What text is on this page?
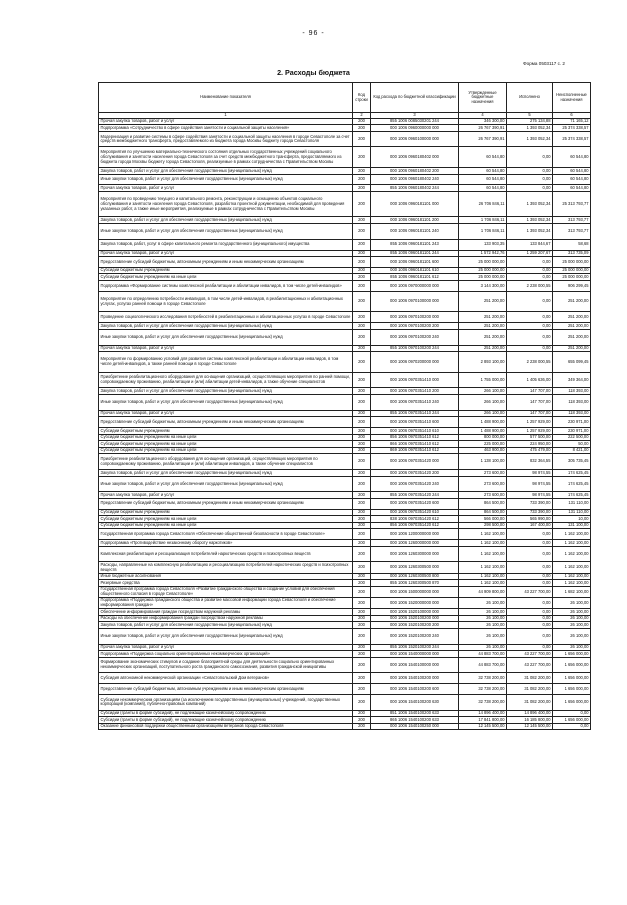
- 96 -
Форма 0503117 с. 2
2. Расходы бюджета
Наименование показателя	Код строки	Код расхода по бюджетной классификации	Утвержденные бюджетные назначения	Исполнено	Неисполненные назначения
1	2	3	4	5	6
Прочая закупка товаров, работ и услуг	200	855 1006 0085030201 244	346 300,00	275 134,88	71 165,12
Подпрограмма «Сотрудничество в сфере содействия занятости и социальной защиты населения»	200	000 1006 0960000000 000	26 767 390,91	1 393 052,34	25 374 338,57
Модернизация и развитие системы в сфере содействия занятости и социальной защиты населения в городе Севастополе за счет средств межбюджетного трансферта, предоставляемого из бюджета города Москвы бюджету города Севастополя	200	000 1006 0960100000 000	26 767 390,91	1 393 052,34	25 374 338,57
Мероприятия по улучшению материально-технического состояния отдельных государственных учреждений социального обслуживания и занятости населения города Севастополя за счет средств межбюджетного трансферта, предоставляемого из бюджета города Москвы бюджету города Севастополя, реализуемые в рамках сотрудничества с Правительством Москвы	200	000 1006 0960180402 000	60 544,80	0,00	60 544,80
Закупка товаров, работ и услуг для обеспечения государственных (муниципальных) нужд	200	000 1006 0960180402 200	60 544,80	0,00	60 544,80
Иные закупки товаров, работ и услуг для обеспечения государственных (муниципальных) нужд	200	000 1006 0960180402 240	60 544,80	0,00	60 544,80
Прочая закупка товаров, работ и услуг	200	855 1006 0960180402 244	60 544,80	0,00	60 544,80
Мероприятия по проведению текущего и капитального ремонта, реконструкции и оснащению объектов социального обслуживания и занятости населения города Севастополя, разработка проектной документации, необходимой для проведения указанных работ, а также иные мероприятия, реализуемые в рамках сотрудничества с Правительством Москвы	200	000 1006 0960181101 000	26 706 846,11	1 393 052,34	25 313 793,77
Закупка товаров, работ и услуг для обеспечения государственных (муниципальных) нужд	200	000 1006 0960181101 200	1 706 846,11	1 393 052,34	313 793,77
Иные закупки товаров, работ и услуг для обеспечения государственных (муниципальных) нужд	200	000 1006 0960181101 240	1 706 846,11	1 393 052,34	313 793,77
Закупка товаров, работ, услуг в сфере капитального ремонта государственного (муниципального) имущества	200	855 1006 0960181101 243	133 903,35	133 844,67	58,68
Прочая закупка товаров, работ и услуг	200	855 1006 0960181101 244	1 572 942,76	1 259 207,67	313 735,09
Предоставление субсидий бюджетным, автономным учреждениям и иным некоммерческим организациям	200	000 1006 0960181101 600	25 000 000,00	0,00	25 000 000,00
Субсидии бюджетным учреждениям	200	000 1006 0960181101 610	25 000 000,00	0,00	25 000 000,00
Субсидии бюджетным учреждениям на иные цели	200	855 1006 0960181101 612	25 000 000,00	0,00	25 000 000,00
Подпрограмма «Формирование системы комплексной реабилитации и абилитации инвалидов, в том числе детей-инвалидов»	200	000 1006 0970000000 000	3 144 300,00	2 238 000,55	906 299,45
Мероприятие по определению потребности инвалидов, в том числе детей-инвалидов, в реабилитационных и абилитационных услугах, услугах ранней помощи в городе Севастополе	200	000 1006 0970100000 000	251 200,00	0,00	251 200,00
Проведение социологического исследования потребностей в реабилитационных и абилитационных услугах в городе Севастополе	200	000 1006 0970100200 000	251 200,00	0,00	251 200,00
Закупка товаров, работ и услуг для обеспечения государственных (муниципальных) нужд	200	000 1006 0970100200 200	251 200,00	0,00	251 200,00
Иные закупки товаров, работ и услуг для обеспечения государственных (муниципальных) нужд	200	000 1006 0970100200 240	251 200,00	0,00	251 200,00
Прочая закупка товаров, работ и услуг	200	855 1006 0970100200 244	251 200,00	0,00	251 200,00
Мероприятие по формированию условий для развития системы комплексной реабилитации и абилитации инвалидов, в том числе детей-инвалидов, а также ранней помощи в городе Севастополе	200	000 1006 0970200000 000	2 893 100,00	2 238 000,55	655 099,45
Приобретение реабилитационного оборудования для оснащения организаций, осуществляющих мероприятия по ранней помощи, сопровождаемому проживанию, реабилитации и (или) абилитации детей-инвалидов, а также обучение специалистов	200	000 1006 0970351410 000	1 755 000,00	1 405 636,00	349 364,00
Закупка товаров, работ и услуг для обеспечения государственных (муниципальных) нужд	200	000 1006 0970351410 200	266 100,00	147 707,00	118 393,00
Иные закупки товаров, работ и услуг для обеспечения государственных (муниципальных) нужд	200	000 1006 0970351410 240	266 100,00	147 707,00	118 393,00
Прочая закупка товаров, работ и услуг	200	855 1006 0970351410 244	266 100,00	147 707,00	118 393,00
Предоставление субсидий бюджетным, автономным учреждениям и иным некоммерческим организациям	200	000 1006 0970351410 600	1 488 900,00	1 257 929,00	230 971,00
Субсидии бюджетным учреждениям	200	000 1006 0970351410 610	1 488 900,00	1 257 929,00	230 971,00
Субсидии бюджетным учреждениям на иные цели	200	856 1006 0970351410 612	800 000,00	577 500,00	222 500,00
Субсидии бюджетным учреждениям на иные цели	200	866 1006 0970351410 612	225 000,00	224 950,00	50,00
Субсидии бюджетным учреждениям на иные цели	200	869 1006 0970351410 612	463 900,00	475 479,00	8 421,00
Приобретение реабилитационного оборудования для оснащения организаций, осуществляющих мероприятия по сопровождаемому проживанию, реабилитации и (или) абилитации инвалидов, а также обучение специалистов	200	000 1006 0970351420 000	1 138 100,00	832 364,55	305 735,45
Закупка товаров, работ и услуг для обеспечения государственных (муниципальных) нужд	200	000 1006 0970351420 200	273 600,00	98 974,55	174 625,45
Иные закупки товаров, работ и услуг для обеспечения государственных (муниципальных) нужд	200	000 1006 0970351420 240	273 600,00	98 974,55	174 625,45
Прочая закупка товаров, работ и услуг	200	855 1006 0970351420 244	273 600,00	98 974,55	174 625,45
Предоставление субсидий бюджетным, автономным учреждениям и иным некоммерческим организациям	200	000 1006 0970351420 600	864 500,00	733 390,00	131 110,00
Субсидии бюджетным учреждениям	200	000 1006 0970351420 610	864 500,00	733 390,00	131 110,00
Субсидии бюджетным учреждениям на иные цели	200	838 1006 0970351420 612	566 000,00	565 990,00	10,00
Субсидии бюджетным учреждениям на иные цели	200	856 1006 0970351420 612	298 500,00	167 400,00	131 100,00
Государственная программа города Севастополя «Обеспечение общественной безопасности в городе Севастополе»	200	000 1006 1200000000 000	1 162 100,00	0,00	1 162 100,00
Подпрограмма «Противодействие незаконному обороту наркотиков»	200	000 1006 1260000000 000	1 162 100,00	0,00	1 162 100,00
Комплексная реабилитация и ресоциализация потребителей наркотических средств и психотропных веществ	200	000 1006 1260300000 000	1 162 100,00	0,00	1 162 100,00
Расходы, направленные на комплексную реабилитацию и ресоциализацию потребителей наркотических средств и психотропных веществ	200	000 1006 1260300500 000	1 162 100,00	0,00	1 162 100,00
Иные бюджетные ассигнования	200	000 1006 1260300500 800	1 162 100,00	0,00	1 162 100,00
Резервные средства	200	855 1006 1260300500 870	1 162 100,00	0,00	1 162 100,00
Государственная программа города Севастополя «Развитие гражданского общества и создание условий для обеспечения общественного согласия в городе Севастополе»	200	000 1006 1500000000 000	44 909 800,00	43 227 700,00	1 682 100,00
Подпрограмма «Поддержка гражданского общества и развитие массовой информации города Севастополя и обеспечение информирования граждан»	200	000 1006 1520000000 000	26 100,00	0,00	26 100,00
Обеспечение информирования граждан посредством наружной рекламы	200	000 1006 1520100000 000	26 100,00	0,00	26 100,00
Расходы на обеспечение информирования граждан посредством наружной рекламы	200	000 1006 1520100200 000	26 100,00	0,00	26 100,00
Закупка товаров, работ и услуг для обеспечения государственных (муниципальных) нужд	200	000 1006 1520100200 200	26 100,00	0,00	26 100,00
Иные закупки товаров, работ и услуг для обеспечения государственных (муниципальных) нужд	200	000 1006 1520100200 240	26 100,00	0,00	26 100,00
Прочая закупка товаров, работ и услуг	200	855 1006 1520100200 244	26 100,00	0,00	26 100,00
Подпрограмма «Поддержка социально ориентированных некоммерческих организаций»	200	000 1006 1540000000 000	44 883 700,00	43 227 700,00	1 656 000,00
Формирование экономических стимулов и создание благоприятной среды для деятельности социально ориентированных некоммерческих организаций, поступательного роста гражданского самосознания, развития гражданской инициативы	200	000 1006 1540100000 000	44 883 700,00	43 227 700,00	1 656 000,00
Субсидия автономной некоммерческой организации «Севастопольский Дом ветеранов»	200	000 1006 1540100200 000	32 738 200,00	31 082 200,00	1 656 000,00
Предоставление субсидий бюджетным, автономным учреждениям и иным некоммерческим организациям	200	000 1006 1540100200 600	32 738 200,00	31 082 200,00	1 656 000,00
Субсидии некоммерческим организациям (за исключением государственных (муниципальных) учреждений, государственных корпораций (компаний), публично-правовых компаний)	200	000 1006 1540100200 630	32 738 200,00	31 082 200,00	1 656 000,00
Субсидии (гранты в форме субсидий), не подлежащие казначейскому сопровождению	200	851 1006 1540100200 633	14 896 400,00	14 896 400,00	0,00
Субсидии (гранты в форме субсидий), не подлежащие казначейскому сопровождению	200	865 1006 1540100200 633	17 841 800,00	16 185 800,00	1 656 000,00
Оказание финансовой поддержки общественным организациям ветеранов города Севастополя	200	000 1006 1540100250 000	12 145 500,00	12 145 500,00	0,00
